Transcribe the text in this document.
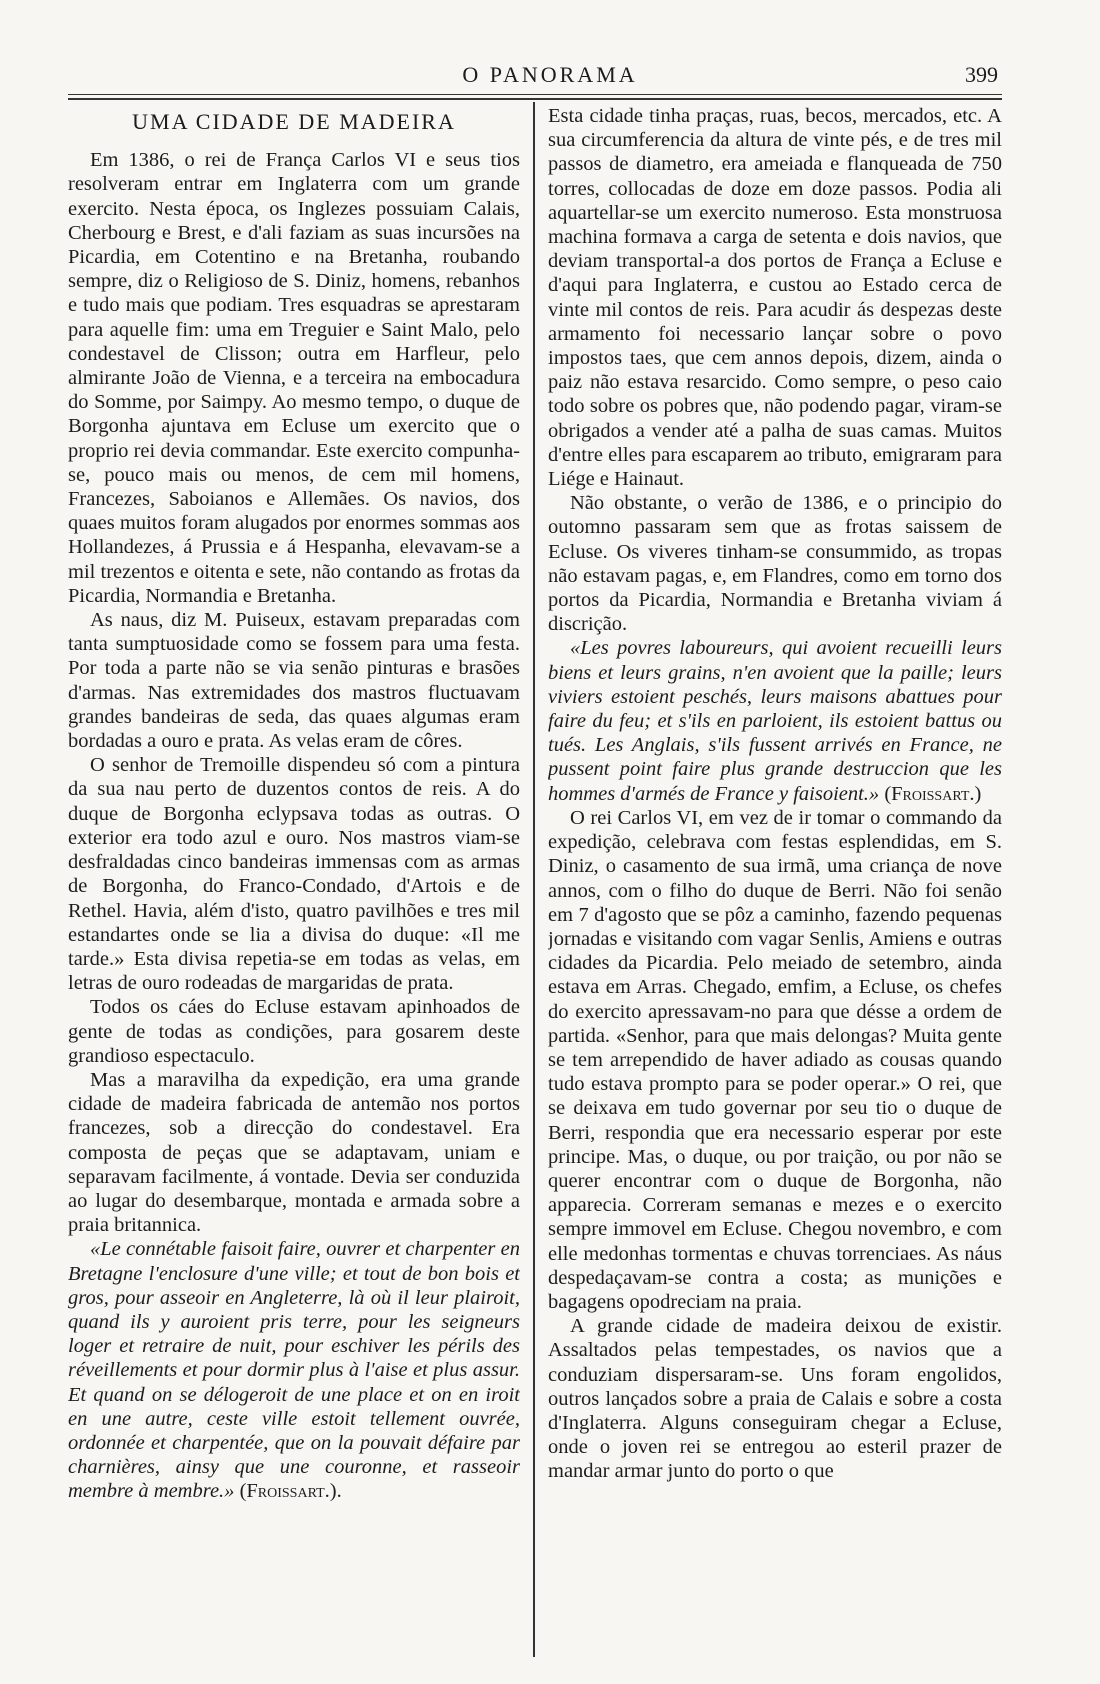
O PANORAMA	399
UMA CIDADE DE MADEIRA

Em 1386, o rei de França Carlos VI e seus tios resolveram entrar em Inglaterra com um grande exercito. Nesta época, os Inglezes possuiam Calais, Cherbourg e Brest, e d'ali faziam as suas incursões na Picardia, em Cotentino e na Bretanha, roubando sempre, diz o Religioso de S. Diniz, homens, rebanhos e tudo mais que podiam. Tres esquadras se aprestaram para aquelle fim: uma em Treguier e Saint Malo, pelo condestavel de Clisson; outra em Harfleur, pelo almirante João de Vienna, e a terceira na embocadura do Somme, por Saimpy. Ao mesmo tempo, o duque de Borgonha ajuntava em Ecluse um exercito que o proprio rei devia commandar. Este exercito compunha-se, pouco mais ou menos, de cem mil homens, Francezes, Saboianos e Allemães. Os navios, dos quaes muitos foram alugados por enormes sommas aos Hollandezes, á Prussia e á Hespanha, elevavam-se a mil trezentos e oitenta e sete, não contando as frotas da Picardia, Normandia e Bretanha.

As naus, diz M. Puiseux, estavam preparadas com tanta sumptuosidade como se fossem para uma festa. Por toda a parte não se via senão pinturas e brasões d'armas. Nas extremidades dos mastros fluctuavam grandes bandeiras de seda, das quaes algumas eram bordadas a ouro e prata. As velas eram de côres.

O senhor de Tremoille dispendeu só com a pintura da sua nau perto de duzentos contos de reis. A do duque de Borgonha eclypsava todas as outras. O exterior era todo azul e ouro. Nos mastros viam-se desfraldadas cinco bandeiras immensas com as armas de Borgonha, do Franco-Condado, d'Artois e de Rethel. Havia, além d'isto, quatro pavilhões e tres mil estandartes onde se lia a divisa do duque: «Il me tarde.» Esta divisa repetia-se em todas as velas, em letras de ouro rodeadas de margaridas de prata.

Todos os cáes do Ecluse estavam apinhoados de gente de todas as condições, para gosarem deste grandioso espectaculo.

Mas a maravilha da expedição, era uma grande cidade de madeira fabricada de antemão nos portos francezes, sob a direcção do condestavel. Era composta de peças que se adaptavam, uniam e separavam facilmente, á vontade. Devia ser conduzida ao lugar do desembarque, montada e armada sobre a praia britannica.

«Le connétable faisoit faire, ouvrer et charpenter en Bretagne l'enclosure d'une ville; et tout de bon bois et gros, pour asseoir en Angleterre, là où il leur plairoit, quand ils y auroient pris terre, pour les seigneurs loger et retraire de nuit, pour eschiver les périls des réveillements et pour dormir plus à l'aise et plus assur. Et quand on se délogeroit de une place et on en iroit en une autre, ceste ville estoit tellement ouvrée, ordonnée et charpentée, que on la pouvait défaire par charnières, ainsy que une couronne, et rasseoir membre à membre.» (Froissart.).

Esta cidade tinha praças, ruas, becos, mercados, etc. A sua circumferencia da altura de vinte pés, e de tres mil passos de diametro, era ameiada e flanqueada de 750 torres, collocadas de doze em doze passos. Podia ali aquartellar-se um exercito numeroso. Esta monstruosa machina formava a carga de setenta e dois navios, que deviam transportal-a dos portos de França a Ecluse e d'aqui para Inglaterra, e custou ao Estado cerca de vinte mil contos de reis. Para acudir ás despezas deste armamento foi necessario lançar sobre o povo impostos taes, que cem annos depois, dizem, ainda o paiz não estava resarcido. Como sempre, o peso caio todo sobre os pobres que, não podendo pagar, viram-se obrigados a vender até a palha de suas camas. Muitos d'entre elles para escaparem ao tributo, emigraram para Liége e Hainaut.

Não obstante, o verão de 1386, e o principio do outomno passaram sem que as frotas saissem de Ecluse. Os viveres tinham-se consummido, as tropas não estavam pagas, e, em Flandres, como em torno dos portos da Picardia, Normandia e Bretanha viviam á discrição.

«Les povres laboureurs, qui avoient recueilli leurs biens et leurs grains, n'en avoient que la paille; leurs viviers estoient peschés, leurs maisons abattues pour faire du feu; et s'ils en parloient, ils estoient battus ou tués. Les Anglais, s'ils fussent arrivés en France, ne pussent point faire plus grande destruccion que les hommes d'armés de France y faisoient.» (Froissart.)

O rei Carlos VI, em vez de ir tomar o commando da expedição, celebrava com festas esplendidas, em S. Diniz, o casamento de sua irmã, uma criança de nove annos, com o filho do duque de Berri. Não foi senão em 7 d'agosto que se pôz a caminho, fazendo pequenas jornadas e visitando com vagar Senlis, Amiens e outras cidades da Picardia. Pelo meiado de setembro, ainda estava em Arras. Chegado, emfim, a Ecluse, os chefes do exercito apressavam-no para que désse a ordem de partida. «Senhor, para que mais delongas? Muita gente se tem arrependido de haver adiado as cousas quando tudo estava prompto para se poder operar.» O rei, que se deixava em tudo governar por seu tio o duque de Berri, respondia que era necessario esperar por este principe. Mas, o duque, ou por traição, ou por não se querer encontrar com o duque de Borgonha, não apparecia. Correram semanas e mezes e o exercito sempre immovel em Ecluse. Chegou novembro, e com elle medonhas tormentas e chuvas torrenciaes. As náus despedaçavam-se contra a costa; as munições e bagagens opodreciam na praia.

A grande cidade de madeira deixou de existir. Assaltados pelas tempestades, os navios que a conduziam dispersaram-se. Uns foram engolidos, outros lançados sobre a praia de Calais e sobre a costa d'Inglaterra. Alguns conseguiram chegar a Ecluse, onde o joven rei se entregou ao esteril prazer de mandar armar junto do porto o que
